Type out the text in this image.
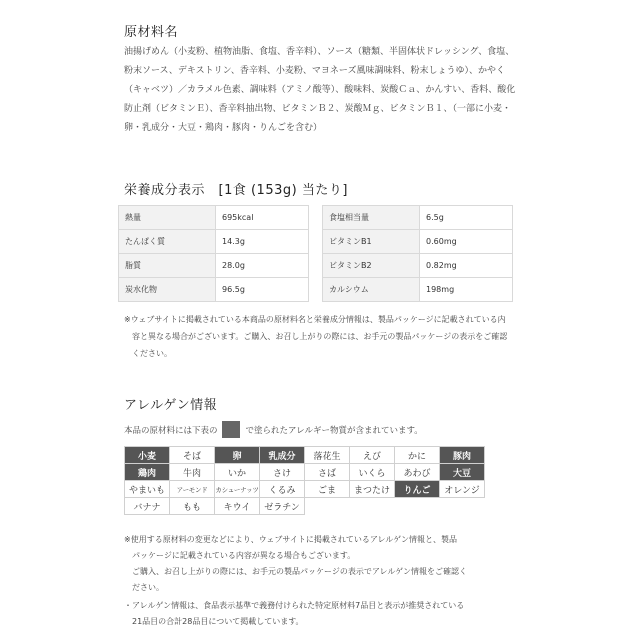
原材料名
油揚げめん（小麦粉、植物油脂、食塩、香辛料）、ソース（糖類、半固体状ドレッシング、食塩、粉末ソース、デキストリン、香辛料、小麦粉、マヨネーズ風味調味料、粉末しょうゆ）、かやく（キャベツ）／カラメル色素、調味料（アミノ酸等）、酸味料、炭酸Ｃａ、かんすい、香料、酸化防止剤（ビタミンＥ）、香辛料抽出物、ビタミンＢ２、炭酸Ｍｇ、ビタミンＢ１、（一部に小麦・卵・乳成分・大豆・鶏肉・豚肉・りんごを含む）
栄養成分表示　[1食 (153g) 当たり]
熱量	695kcal
たんぱく質	14.3g
脂質	28.0g
炭水化物	96.5g
食塩相当量	6.5g
ビタミンB1	0.60mg
ビタミンB2	0.82mg
カルシウム	198mg
※ウェブサイトに掲載されている本商品の原材料名と栄養成分情報は、製品パッケージに記載されている内
容と異なる場合がございます。ご購入、お召し上がりの際には、お手元の製品パッケージの表示をご確認
ください。
アレルゲン情報
本品の原材料には下表の	で塗られたアレルギー物質が含まれています。
小麦	そば	卵	乳成分	落花生	えび	かに	豚肉
鶏肉	牛肉	いか	さけ	さば	いくら	あわび	大豆
やまいも	アーモンド	カシューナッツ	くるみ	ごま	まつたけ	りんご	オレンジ
バナナ	もも	キウイ	ゼラチン				
※使用する原材料の変更などにより、ウェブサイトに掲載されているアレルゲン情報と、製品
パッケージに記載されている内容が異なる場合もございます。
ご購入、お召し上がりの際には、お手元の製品パッケージの表示でアレルゲン情報をご確認く
ださい。
・アレルゲン情報は、食品表示基準で義務付けられた特定原材料7品目と表示が推奨されている
21品目の合計28品目について掲載しています。
